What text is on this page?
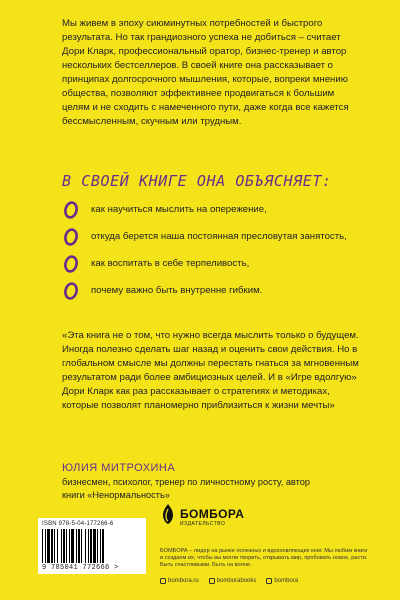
Мы живем в эпоху сиюминутных потребностей и быстрого результата. Но так грандиозного успеха не добиться – считает Дори Кларк, профессиональный оратор, бизнес-тренер и автор нескольких бестселлеров. В своей книге она рассказывает о принципах долгосрочного мышления, которые, вопреки мнению общества, позволяют эффективнее продвигаться к большим целям и не сходить с намеченного пути, даже когда все кажется бессмысленным, скучным или трудным.
В СВОЕЙ КНИГЕ ОНА ОБЪЯСНЯЕТ:
как научиться мыслить на опережение,
откуда берется наша постоянная пресловутая занятость,
как воспитать в себе терпеливость,
почему важно быть внутренне гибким.
«Эта книга не о том, что нужно всегда мыслить только о будущем. Иногда полезно сделать шаг назад и оценить свои действия. Но в глобальном смысле мы должны перестать гнаться за мгновенным результатом ради более амбициозных целей. И в «Игре вдолгую» Дори Кларк как раз рассказывает о стратегиях и методиках, которые позволят планомерно приблизиться к жизни мечты»
ЮЛИЯ МИТРОХИНА
бизнесмен, психолог, тренер по личностному росту, автор книги «Ненормальность»
ISBN 978-5-04-177266-6
9 785041 772666 >
БОМБОРА
ИЗДАТЕЛЬСТВО
БОМБОРА – лидер на рынке полезных и вдохновляющих книг. Мы любим книги и создаем их, чтобы вы могли творить, открывать мир, пробовать новое, расти. Быть счастливыми. Быть на волне.
bombora.ru	bomborabooks	bombora
